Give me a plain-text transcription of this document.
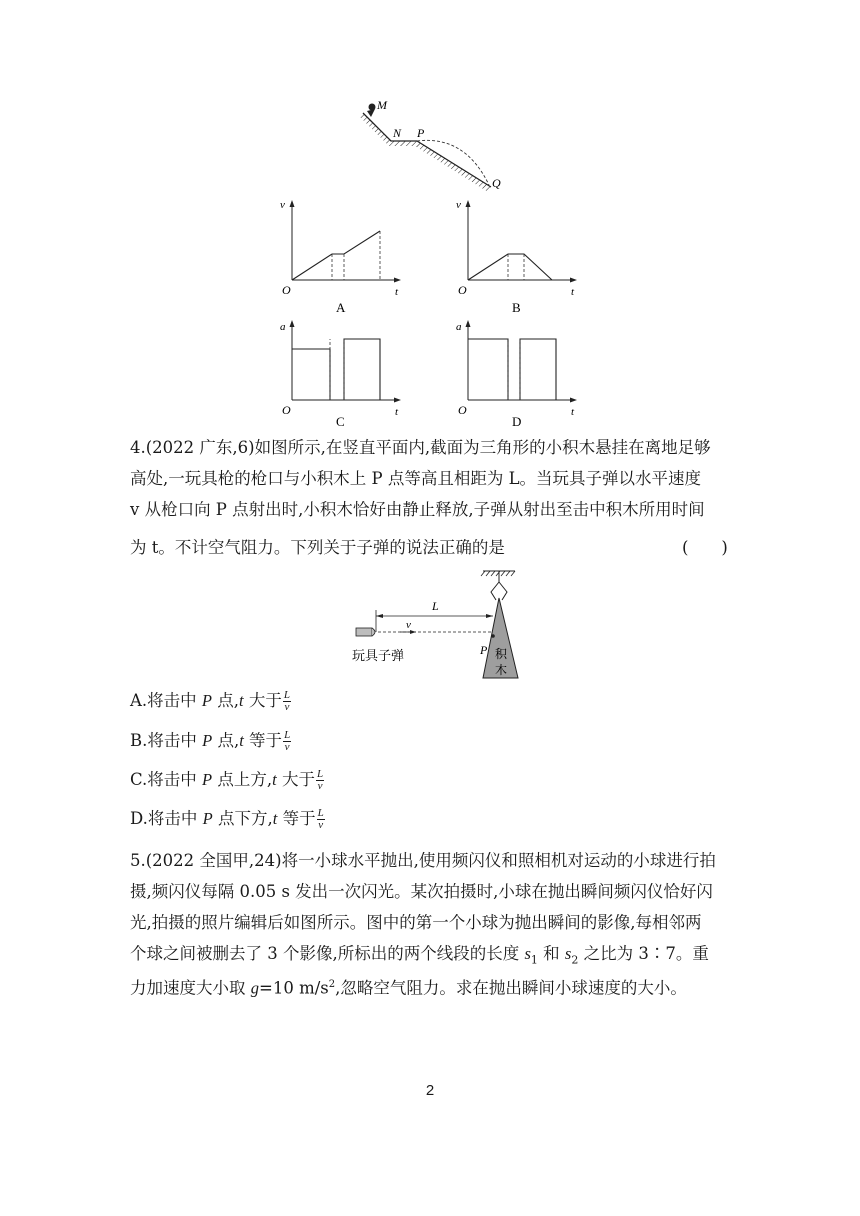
M
N P
Q
v
t
O
A
v
t
O
B
a
t
O
C
a
t
O
D
4.(2022 广东,6)如图所示,在竖直平面内,截面为三角形的小积木悬挂在离地足够
高处,一玩具枪的枪口与小积木上 P 点等高且相距为 L。当玩具子弹以水平速度
v 从枪口向 P 点射出时,小积木恰好由静止释放,子弹从射出至击中积木所用时间
为 t。不计空气阻力。下列关于子弹的说法正确的是	(　　)
L
v
玩具子弹	P 积
木
A.将击中 P 点,t 大于 $\frac{L}{v}$
B.将击中 P 点,t 等于 $\frac{L}{v}$
C.将击中 P 点上方,t 大于 $\frac{L}{v}$
D.将击中 P 点下方,t 等于 $\frac{L}{v}$
5.(2022 全国甲,24)将一小球水平抛出,使用频闪仪和照相机对运动的小球进行拍
摄,频闪仪每隔 0.05 s 发出一次闪光。某次拍摄时,小球在抛出瞬间频闪仪恰好闪
光,拍摄的照片编辑后如图所示。图中的第一个小球为抛出瞬间的影像,每相邻两
个球之间被删去了 3 个影像,所标出的两个线段的长度 $s_1$ 和 $s_2$ 之比为 3∶7。重
力加速度大小取 g=10 $m/s^2$,忽略空气阻力。求在抛出瞬间小球速度的大小。
2
